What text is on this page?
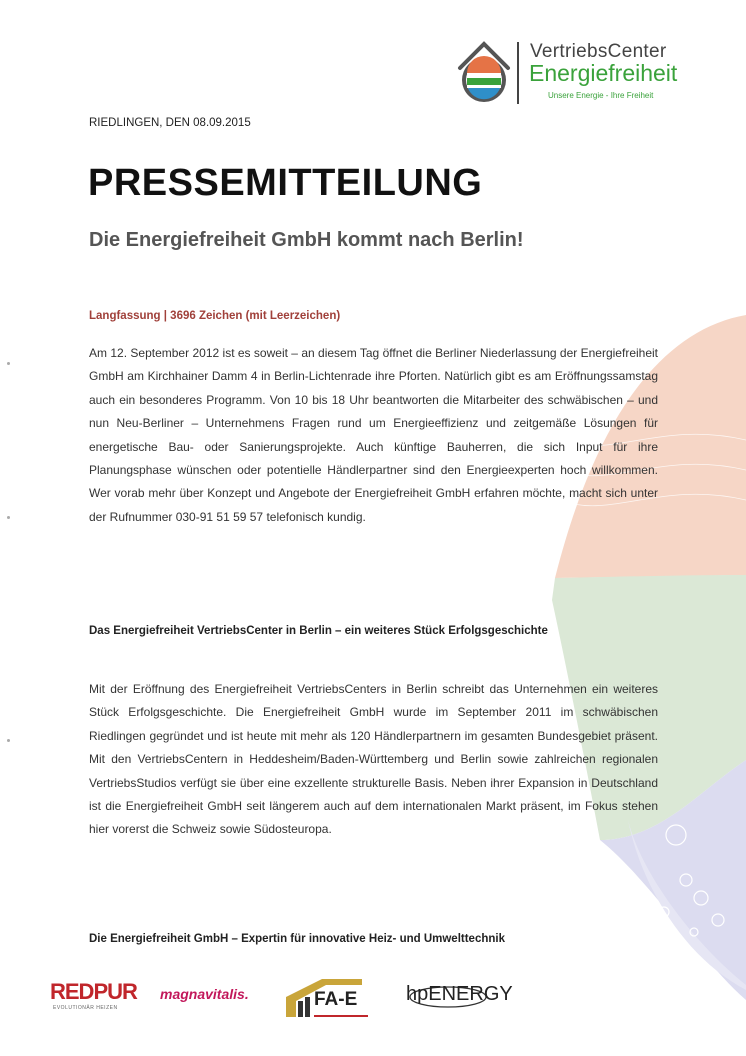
VertriebsCenter
Energiefreiheit
Unsere Energie - Ihre Freiheit
RIEDLINGEN, DEN 08.09.2015
PRESSEMITTEILUNG
Die Energiefreiheit GmbH kommt nach Berlin!
Langfassung | 3696 Zeichen (mit Leerzeichen)

Am 12. September 2012 ist es soweit – an diesem Tag öffnet die Berliner Niederlassung der Energiefreiheit GmbH am Kirchhainer Damm 4 in Berlin-Lichtenrade ihre Pforten. Natürlich gibt es am Eröffnungssamstag auch ein besonderes Programm. Von 10 bis 18 Uhr beantworten die Mitarbeiter des schwäbischen – und nun Neu-Berliner – Unternehmens Fragen rund um Energieeffizienz und zeitgemäße Lösungen für energetische Bau- oder Sanierungsprojekte. Auch künftige Bauherren, die sich Input für ihre Planungsphase wünschen oder potentielle Händlerpartner sind den Energieexperten hoch willkommen. Wer vorab mehr über Konzept und Angebote der Energiefreiheit GmbH erfahren möchte, macht sich unter der Rufnummer 030-91 51 59 57 telefonisch kundig.

Das Energiefreiheit VertriebsCenter in Berlin – ein weiteres Stück Erfolgsgeschichte

Mit der Eröffnung des Energiefreiheit VertriebsCenters in Berlin schreibt das Unternehmen ein weiteres Stück Erfolgsgeschichte. Die Energiefreiheit GmbH wurde im September 2011 im schwäbischen Riedlingen gegründet und ist heute mit mehr als 120 Händlerpartnern im gesamten Bundesgebiet präsent. Mit den VertriebsCentern in Heddesheim/Baden-Württemberg und Berlin sowie zahlreichen regionalen VertriebsStudios verfügt sie über eine exzellente strukturelle Basis. Neben ihrer Expansion in Deutschland ist die Energiefreiheit GmbH seit längerem auch auf dem internationalen Markt präsent, im Fokus stehen hier vorerst die Schweiz sowie Südosteuropa.

Die Energiefreiheit GmbH – Expertin für innovative Heiz- und Umwelttechnik
REDPUR
EVOLUTIONÄR HEIZEN
magnavitalis.	FA-E hpENERGY
